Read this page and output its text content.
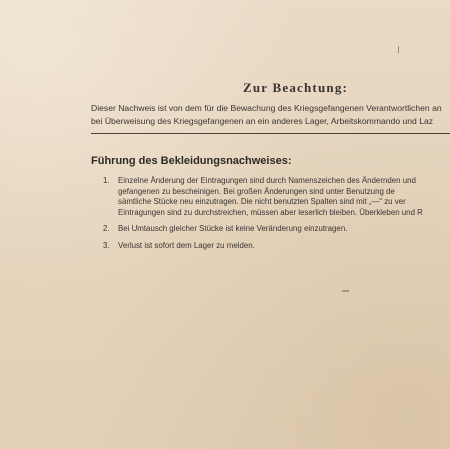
Zur Beachtung:
Dieser Nachweis ist von dem für die Bewachung des Kriegsgefangenen Verantwortlichen an
bei Überweisung des Kriegsgefangenen an ein anderes Lager, Arbeitskommando und Laz
Führung des Bekleidungsnachweises:
1. Einzelne Änderung der Eintragungen sind durch Namenszeichen des Ändernden und
gefangenen zu bescheinigen. Bei großen Änderungen sind unter Benutzung de
sämtliche Stücke neu einzutragen. Die nicht benutzten Spalten sind mit „—“ zu ver
Eintragungen sind zu durchstreichen, müssen aber leserlich bleiben. Überkleben und R
2. Bei Umtausch gleicher Stücke ist keine Veränderung einzutragen.
3. Verlust ist sofort dem Lager zu melden.
